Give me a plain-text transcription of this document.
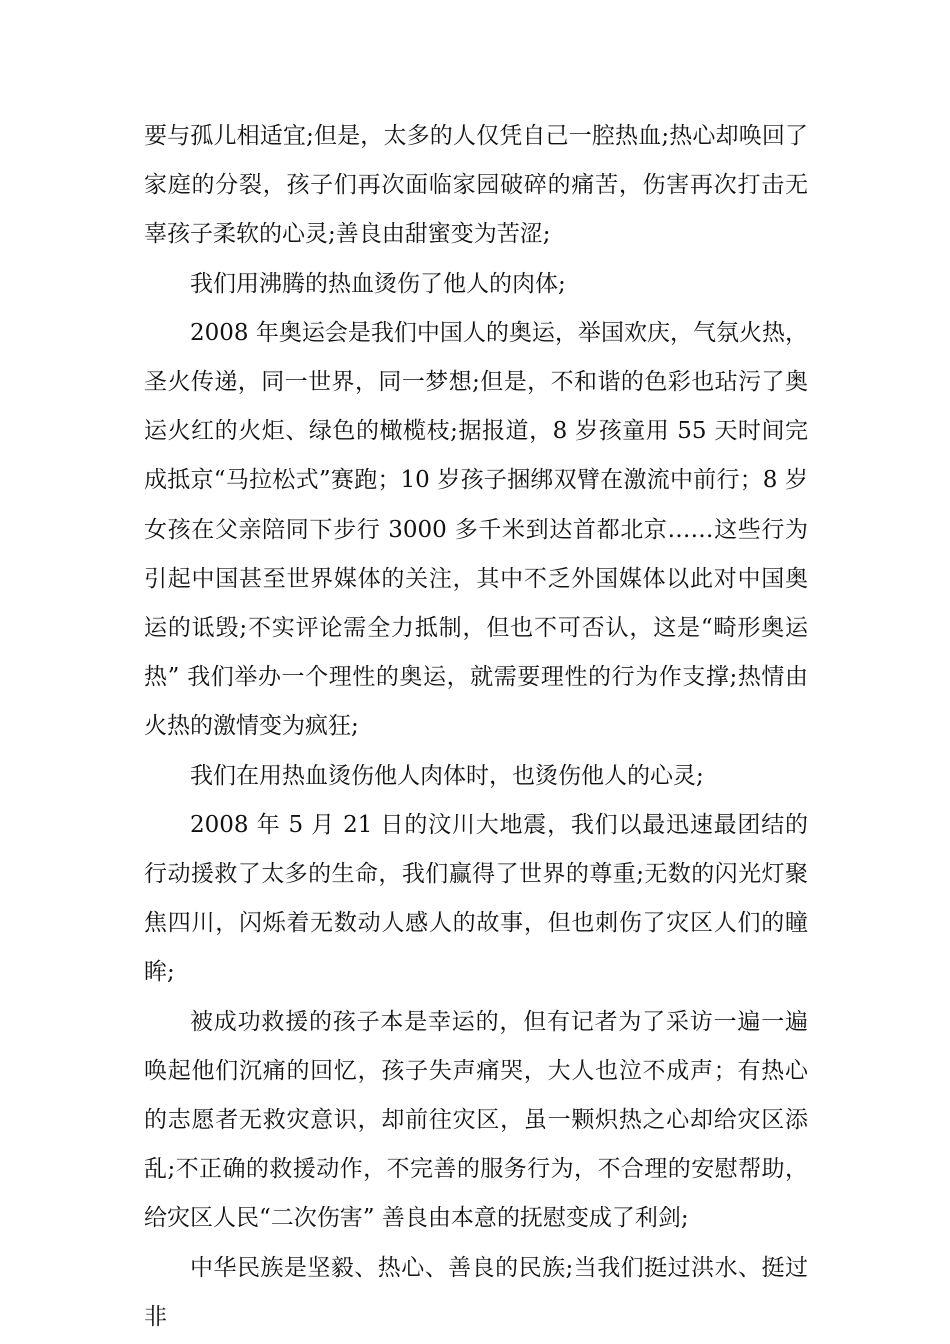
要与孤儿相适宜;但是，太多的人仅凭自己一腔热血;热心却唤回了家庭的分裂，孩子们再次面临家园破碎的痛苦，伤害再次打击无辜孩子柔软的心灵;善良由甜蜜变为苦涩;

我们用沸腾的热血烫伤了他人的肉体;

2008 年奥运会是我们中国人的奥运，举国欢庆，气氛火热，圣火传递，同一世界，同一梦想;但是，不和谐的色彩也玷污了奥运火红的火炬、绿色的橄榄枝;据报道，8 岁孩童用 55 天时间完成抵京“马拉松式”赛跑；10 岁孩子捆绑双臂在激流中前行；8 岁女孩在父亲陪同下步行 3000 多千米到达首都北京……这些行为引起中国甚至世界媒体的关注，其中不乏外国媒体以此对中国奥运的诋毁;不实评论需全力抵制，但也不可否认，这是“畸形奥运热” 我们举办一个理性的奥运，就需要理性的行为作支撑;热情由火热的激情变为疯狂;

我们在用热血烫伤他人肉体时，也烫伤他人的心灵;

2008 年 5 月 21 日的汶川大地震，我们以最迅速最团结的行动援救了太多的生命，我们赢得了世界的尊重;无数的闪光灯聚焦四川，闪烁着无数动人感人的故事，但也刺伤了灾区人们的瞳眸;

被成功救援的孩子本是幸运的，但有记者为了采访一遍一遍唤起他们沉痛的回忆，孩子失声痛哭，大人也泣不成声；有热心的志愿者无救灾意识，却前往灾区，虽一颗炽热之心却给灾区添乱;不正确的救援动作，不完善的服务行为，不合理的安慰帮助，给灾区人民“二次伤害” 善良由本意的抚慰变成了利剑;

中华民族是坚毅、热心、善良的民族;当我们挺过洪水、挺过非
